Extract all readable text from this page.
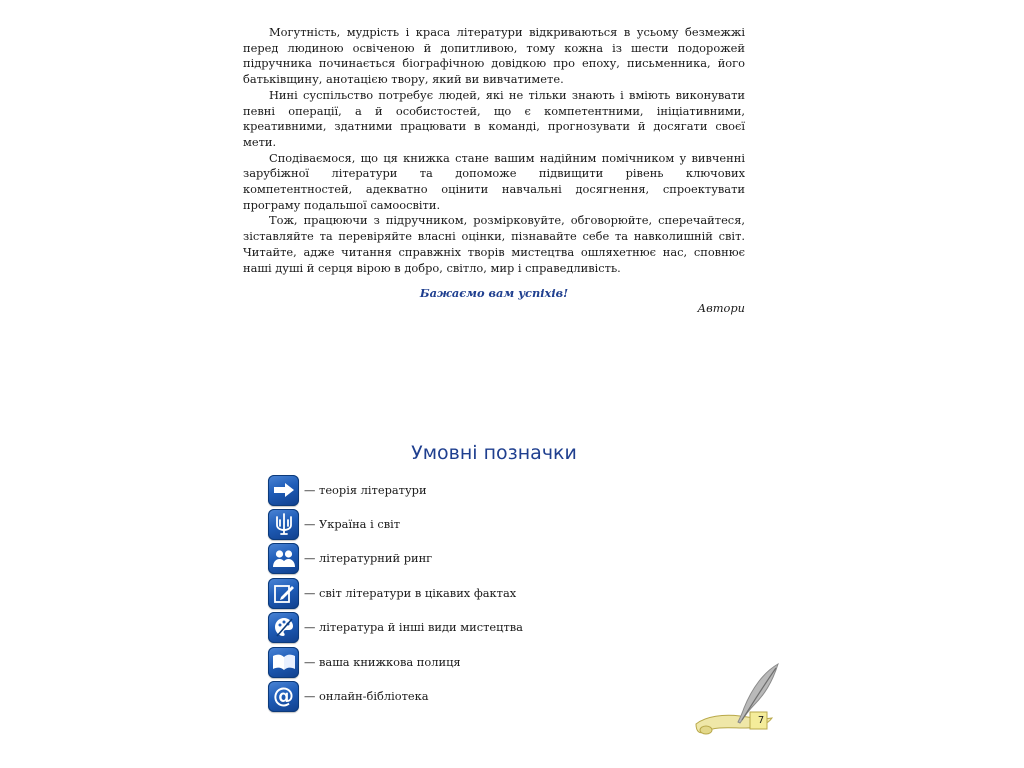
Могутність, мудрість і краса літератури відкриваються в усьому безмежжі перед людиною освіченою й допитливою, тому кожна із шести подорожей підручника починається біографічною довідкою про епоху, письменника, його батьківщину, анотацією твору, який ви вивчатимете.

Нині суспільство потребує людей, які не тільки знають і вміють виконувати певні операції, а й особистостей, що є компетентними, ініціативними, креативними, здатними працювати в команді, прогнозувати й досягати своєї мети.

Сподіваємося, що ця книжка стане вашим надійним помічником у вивченні зарубіжної літератури та допоможе підвищити рівень ключових компетентностей, адекватно оцінити навчальні досягнення, спроектувати програму подальшої самоосвіти.

Тож, працюючи з підручником, розмірковуйте, обговорюйте, сперечайтеся, зіставляйте та перевіряйте власні оцінки, пізнавайте себе та навколишній світ. Читайте, адже читання справжніх творів мистецтва ошляхетнює нас, сповнює наші душі й серця вірою в добро, світло, мир і справедливість.

Бажаємо вам успіхів!
Автори
Умовні позначки
— теорія літератури
— Україна і світ
— літературний ринг
— світ літератури в цікавих фактах
— література й інші види мистецтва
— ваша книжкова полиця
@ — онлайн-бібліотека
7
